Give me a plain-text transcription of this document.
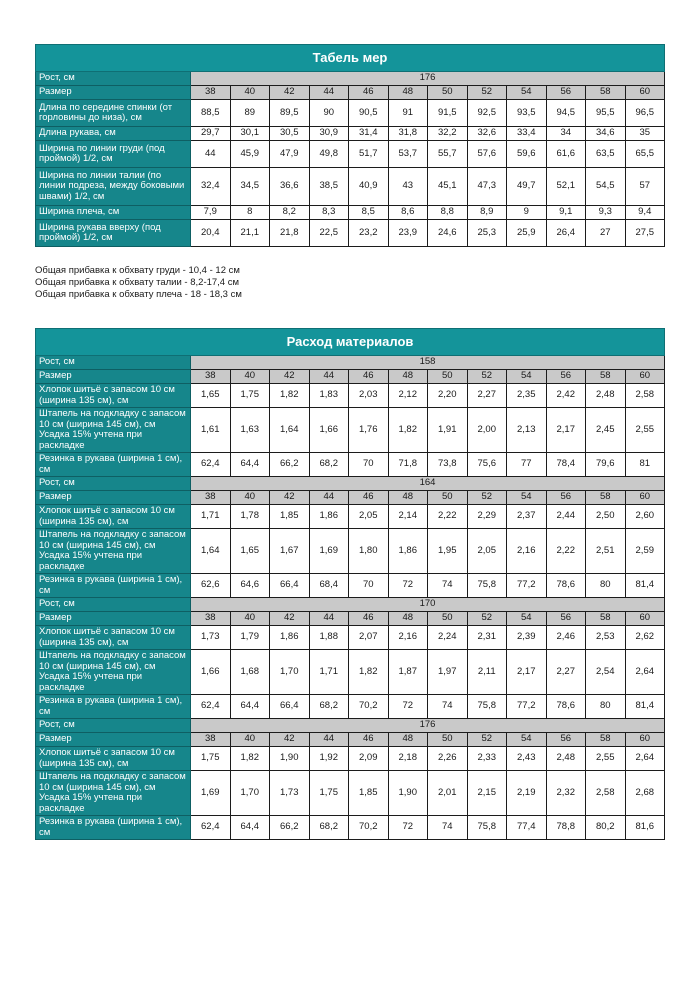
Табель мер												
Рост, см	176											
Размер	38	40	42	44	46	48	50	52	54	56	58	60
Длина по середине спинки (от горловины до низа), см	88,5	89	89,5	90	90,5	91	91,5	92,5	93,5	94,5	95,5	96,5
Длина рукава, см	29,7	30,1	30,5	30,9	31,4	31,8	32,2	32,6	33,4	34	34,6	35
Ширина по линии груди (под проймой) 1/2, см	44	45,9	47,9	49,8	51,7	53,7	55,7	57,6	59,6	61,6	63,5	65,5
Ширина по линии талии (по линии подреза, между боковыми швами) 1/2, см	32,4	34,5	36,6	38,5	40,9	43	45,1	47,3	49,7	52,1	54,5	57
Ширина плеча, см	7,9	8	8,2	8,3	8,5	8,6	8,8	8,9	9	9,1	9,3	9,4
Ширина рукава вверху (под проймой) 1/2, см	20,4	21,1	21,8	22,5	23,2	23,9	24,6	25,3	25,9	26,4	27	27,5
Общая прибавка к обхвату груди - 10,4 - 12 см
Общая прибавка к обхвату талии - 8,2-17,4 см
Общая прибавка к обхвату плеча - 18 - 18,3 см
Расход материалов												
Рост, см	158											
Размер	38	40	42	44	46	48	50	52	54	56	58	60
Хлопок шитьё с запасом 10 см (ширина 135 см), см	1,65	1,75	1,82	1,83	2,03	2,12	2,20	2,27	2,35	2,42	2,48	2,58
Штапель на подкладку с запасом 10 см (ширина 145 см), см Усадка 15% учтена при раскладке	1,61	1,63	1,64	1,66	1,76	1,82	1,91	2,00	2,13	2,17	2,45	2,55
Резинка в рукава (ширина 1 см), см	62,4	64,4	66,2	68,2	70	71,8	73,8	75,6	77	78,4	79,6	81
Рост, см	164											
Размер	38	40	42	44	46	48	50	52	54	56	58	60
Хлопок шитьё с запасом 10 см (ширина 135 см), см	1,71	1,78	1,85	1,86	2,05	2,14	2,22	2,29	2,37	2,44	2,50	2,60
Штапель на подкладку с запасом 10 см (ширина 145 см), см Усадка 15% учтена при раскладке	1,64	1,65	1,67	1,69	1,80	1,86	1,95	2,05	2,16	2,22	2,51	2,59
Резинка в рукава (ширина 1 см), см	62,6	64,6	66,4	68,4	70	72	74	75,8	77,2	78,6	80	81,4
Рост, см	170											
Размер	38	40	42	44	46	48	50	52	54	56	58	60
Хлопок шитьё с запасом 10 см (ширина 135 см), см	1,73	1,79	1,86	1,88	2,07	2,16	2,24	2,31	2,39	2,46	2,53	2,62
Штапель на подкладку с запасом 10 см (ширина 145 см), см Усадка 15% учтена при раскладке	1,66	1,68	1,70	1,71	1,82	1,87	1,97	2,11	2,17	2,27	2,54	2,64
Резинка в рукава (ширина 1 см), см	62,4	64,4	66,4	68,2	70,2	72	74	75,8	77,2	78,6	80	81,4
Рост, см	176											
Размер	38	40	42	44	46	48	50	52	54	56	58	60
Хлопок шитьё с запасом 10 см (ширина 135 см), см	1,75	1,82	1,90	1,92	2,09	2,18	2,26	2,33	2,43	2,48	2,55	2,64
Штапель на подкладку с запасом 10 см (ширина 145 см), см Усадка 15% учтена при раскладке	1,69	1,70	1,73	1,75	1,85	1,90	2,01	2,15	2,19	2,32	2,58	2,68
Резинка в рукава (ширина 1 см), см	62,4	64,4	66,2	68,2	70,2	72	74	75,8	77,4	78,8	80,2	81,6
